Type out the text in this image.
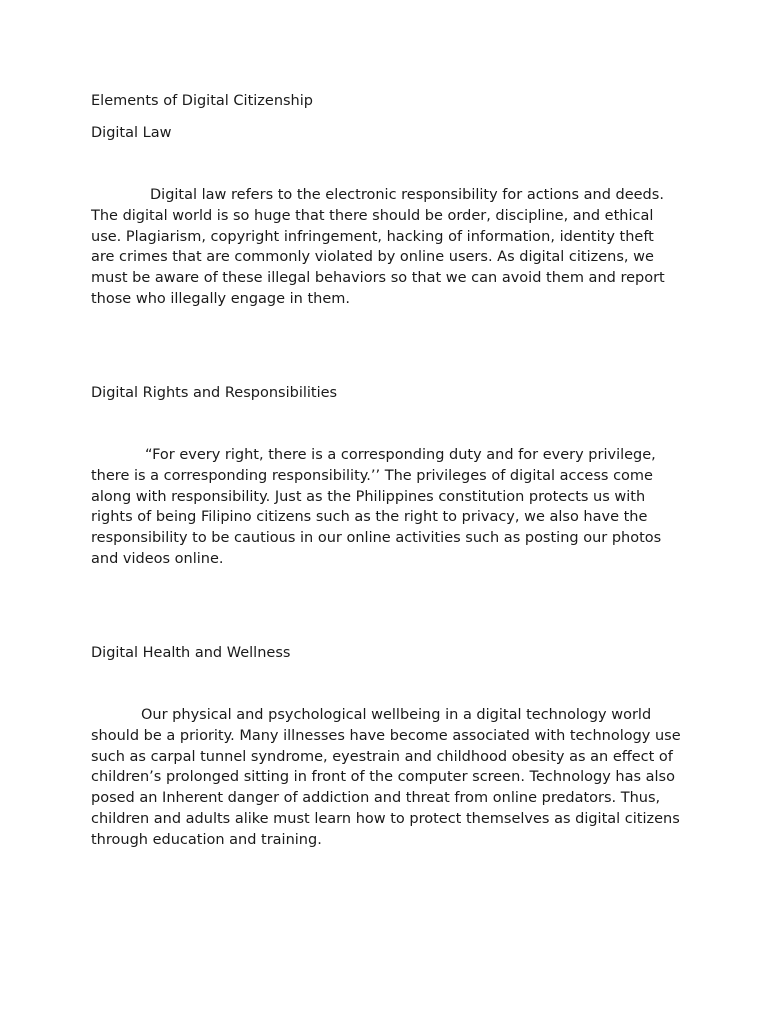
Elements of Digital Citizenship

Digital Law

Digital law refers to the electronic responsibility for actions and deeds. The digital world is so huge that there should be order, discipline, and ethical use. Plagiarism, copyright infringement, hacking of information, identity theft are crimes that are commonly violated by online users. As digital citizens, we must be aware of these illegal behaviors so that we can avoid them and report those who illegally engage in them.

Digital Rights and Responsibilities

“For every right, there is a corresponding duty and for every privilege, there is a corresponding responsibility.’’ The privileges of digital access come along with responsibility. Just as the Philippines constitution protects us with rights of being Filipino citizens such as the right to privacy, we also have the responsibility to be cautious in our online activities such as posting our photos and videos online.

Digital Health and Wellness

Our physical and psychological wellbeing in a digital technology world should be a priority. Many illnesses have become associated with technology use such as carpal tunnel syndrome, eyestrain and childhood obesity as an effect of children’s prolonged sitting in front of the computer screen. Technology has also posed an Inherent danger of addiction and threat from online predators. Thus, children and adults alike must learn how to protect themselves as digital citizens through education and training.
